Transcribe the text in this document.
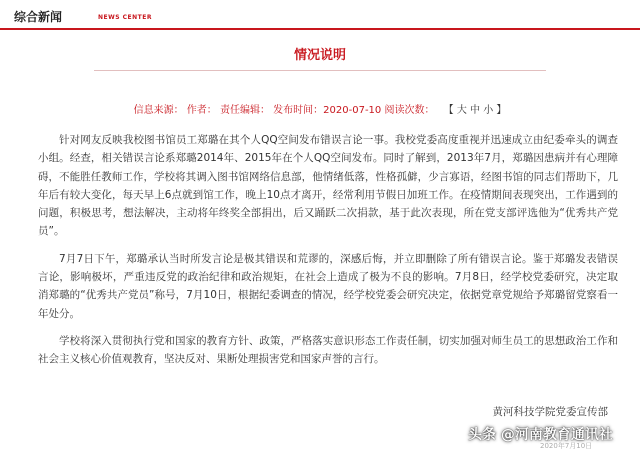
综合新闻	NEWS CENTER
情况说明
信息来源： 作者： 责任编辑： 发布时间：2020-07-10 阅读次数： 【 大 中 小 】

针对网友反映我校图书馆员工郑璐在其个人QQ空间发布错误言论一事。我校党委高度重视并迅速成立由纪委牵头的调查小组。经查，相关错误言论系郑璐2014年、2015年在个人QQ空间发布。同时了解到，2013年7月，郑璐因患病并有心理障碍，不能胜任教师工作，学校将其调入图书馆网络信息部，他情绪低落，性格孤僻，少言寡语，经图书馆的同志们帮助下，几年后有较大变化，每天早上6点就到馆工作，晚上10点才离开，经常利用节假日加班工作。在疫情期间表现突出，工作遇到的问题，积极思考，想法解决，主动将年终奖全部捐出，后又踊跃二次捐款，基于此次表现，所在党支部评选他为“优秀共产党员”。

7月7日下午，郑璐承认当时所发言论是极其错误和荒谬的，深感后悔，并立即删除了所有错误言论。鉴于郑璐发表错误言论，影响极坏，严重违反党的政治纪律和政治规矩，在社会上造成了极为不良的影响。7月8日，经学校党委研究，决定取消郑璐的“优秀共产党员”称号，7月10日，根据纪委调查的情况，经学校党委会研究决定，依据党章党规给予郑璐留党察看一年处分。

学校将深入贯彻执行党和国家的教育方针、政策，严格落实意识形态工作责任制，切实加强对师生员工的思想政治工作和社会主义核心价值观教育，坚决反对、果断处理损害党和国家声誉的言行。

黄河科技学院党委宣传部
头条 @河南教育通讯社
2020年7月10日
